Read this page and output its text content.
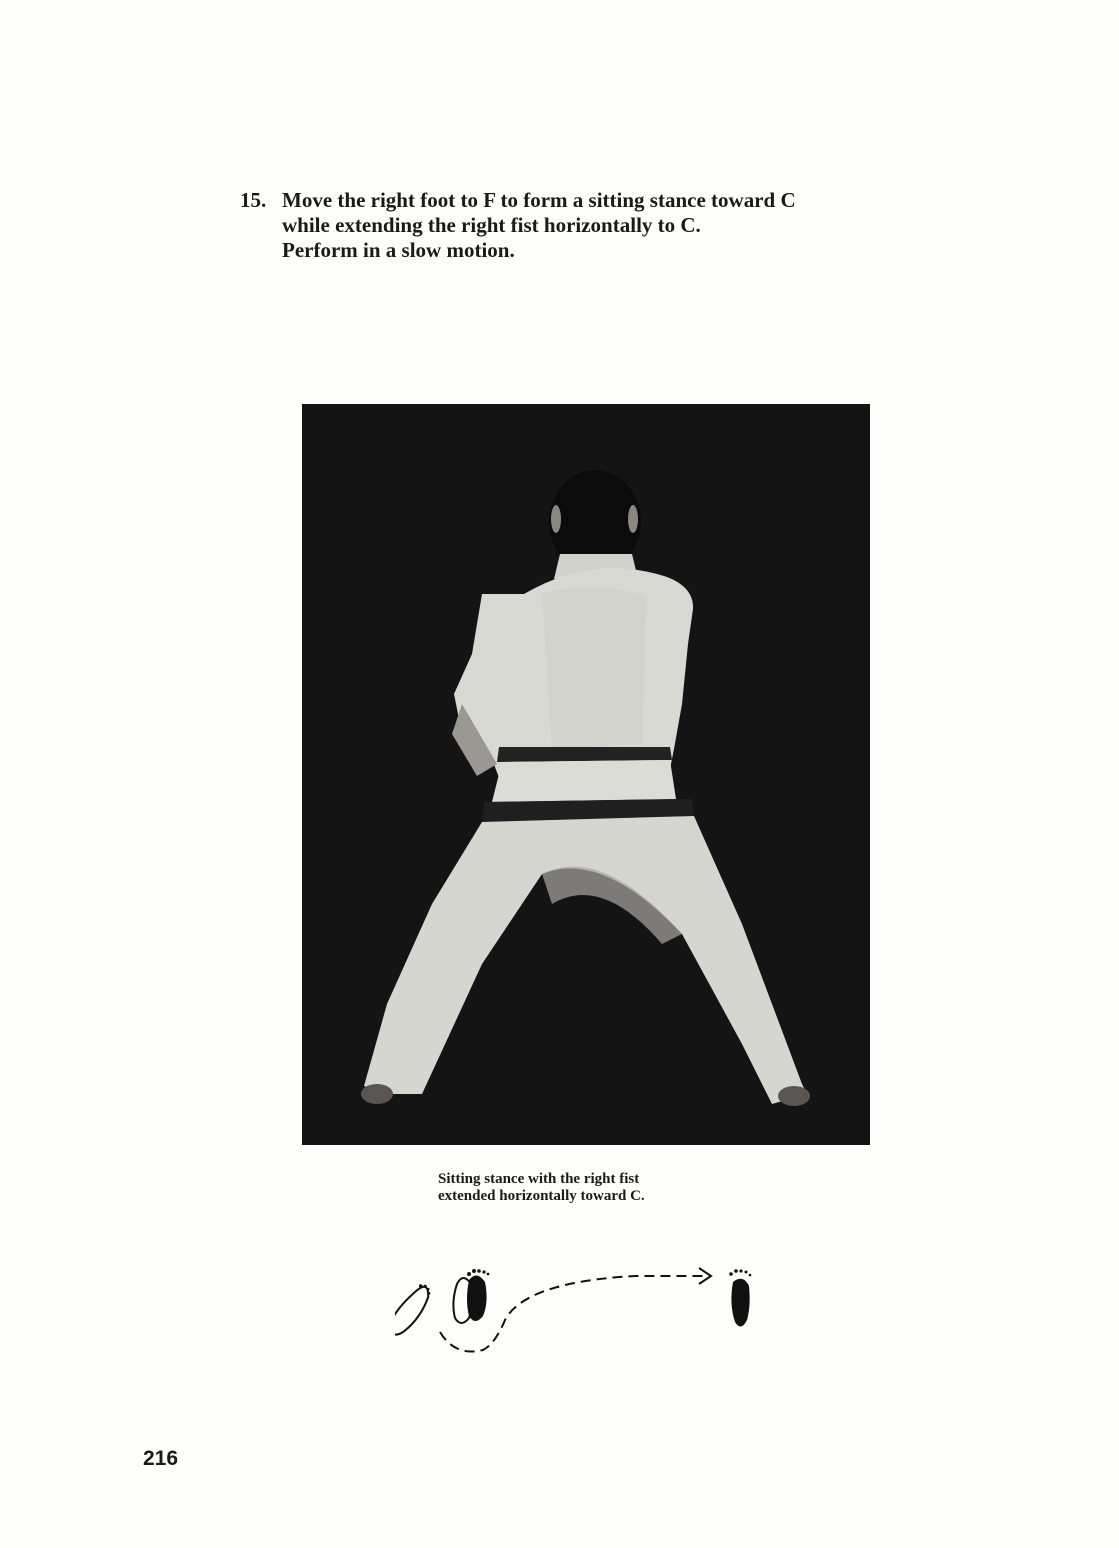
15. Move the right foot to F to form a sitting stance toward C
while extending the right fist horizontally to C.
Perform in a slow motion.
Sitting stance with the right fist
extended horizontally toward C.
216
